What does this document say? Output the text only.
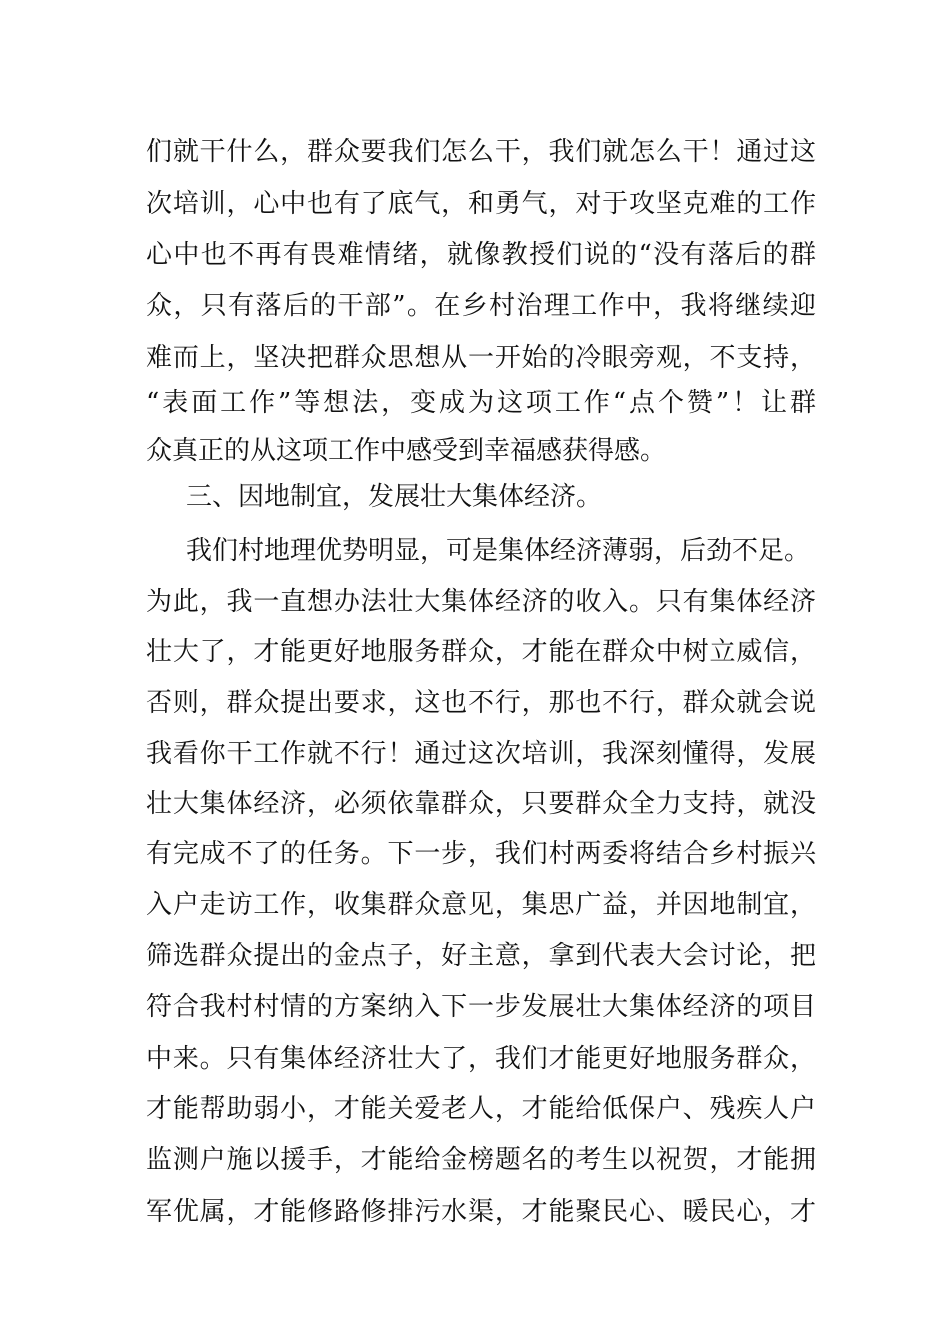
们就干什么，群众要我们怎么干，我们就怎么干！通过这
次培训，心中也有了底气，和勇气，对于攻坚克难的工作
心中也不再有畏难情绪，就像教授们说的“没有落后的群
众，只有落后的干部”。在乡村治理工作中，我将继续迎
难而上，坚决把群众思想从一开始的冷眼旁观，不支持，
“表面工作”等想法，变成为这项工作“点个赞”！让群
众真正的从这项工作中感受到幸福感获得感。
三、因地制宜，发展壮大集体经济。
我们村地理优势明显，可是集体经济薄弱，后劲不足。
为此，我一直想办法壮大集体经济的收入。只有集体经济
壮大了，才能更好地服务群众，才能在群众中树立威信，
否则，群众提出要求，这也不行，那也不行，群众就会说
我看你干工作就不行！通过这次培训，我深刻懂得，发展
壮大集体经济，必须依靠群众，只要群众全力支持，就没
有完成不了的任务。下一步，我们村两委将结合乡村振兴
入户走访工作，收集群众意见，集思广益，并因地制宜，
筛选群众提出的金点子，好主意，拿到代表大会讨论，把
符合我村村情的方案纳入下一步发展壮大集体经济的项目
中来。只有集体经济壮大了，我们才能更好地服务群众，
才能帮助弱小，才能关爱老人，才能给低保户、残疾人户
监测户施以援手，才能给金榜题名的考生以祝贺，才能拥
军优属，才能修路修排污水渠，才能聚民心、暖民心，才
